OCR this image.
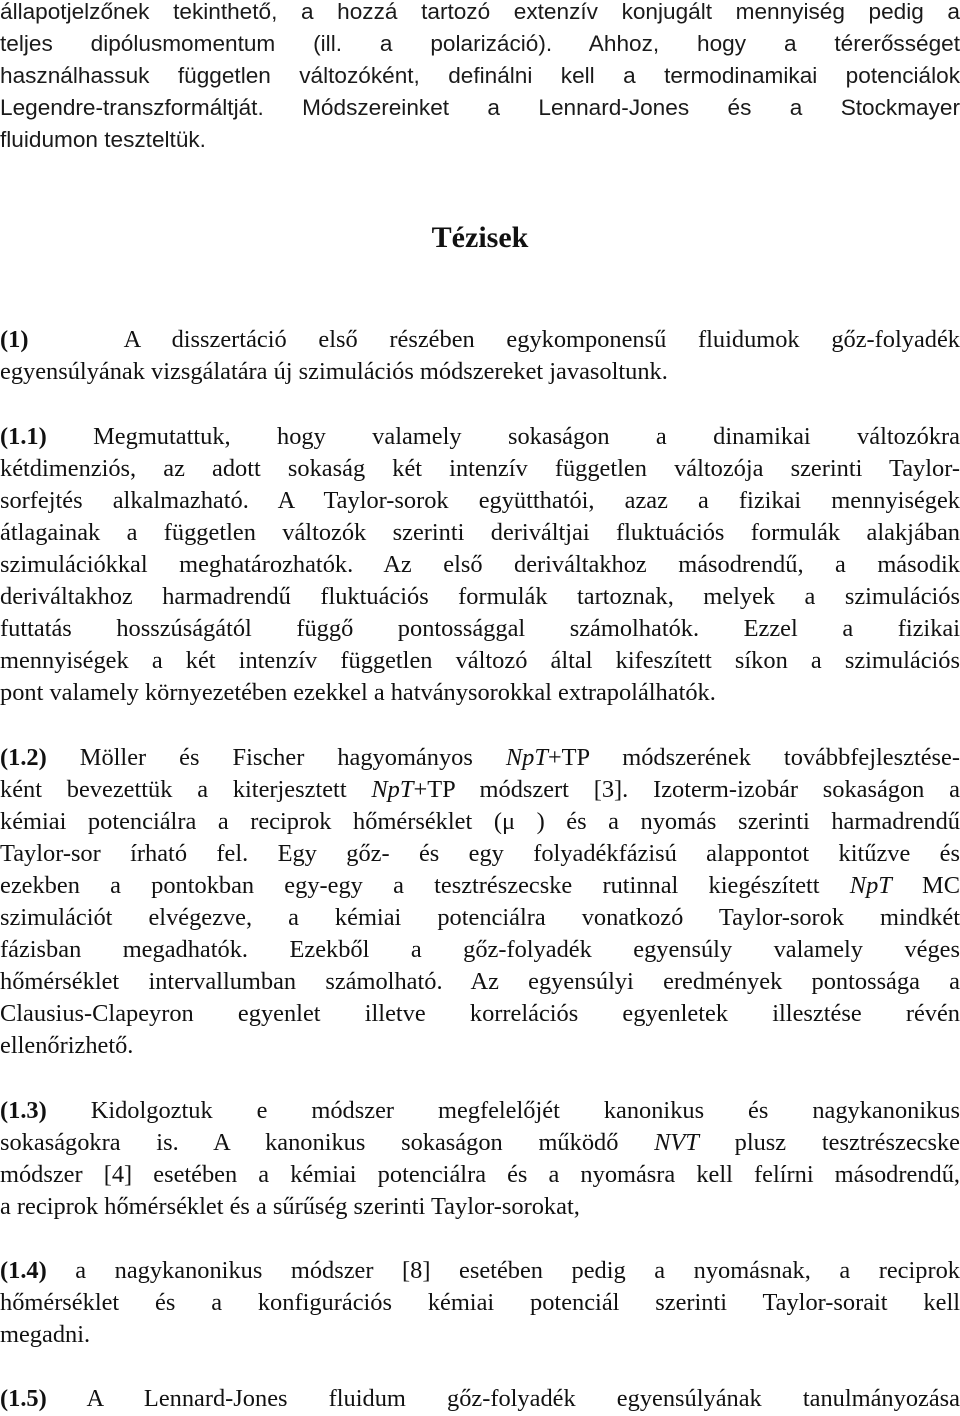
állapotjelzőnek tekinthető, a hozzá tartozó extenzív konjugált mennyiség pedig a
teljes dipólusmomentum (ill. a polarizáció). Ahhoz, hogy a térerősséget
használhassuk független változóként, definálni kell a termodinamikai potenciálok
Legendre-transzformáltját. Módszereinket a Lennard-Jones és a Stockmayer
fluidumon teszteltük.
Tézisek
(1)	A disszertáció első részében egykomponensű fluidumok gőz-folyadék
egyensúlyának vizsgálatára új szimulációs módszereket javasoltunk.
(1.1) Megmutattuk, hogy valamely sokaságon a dinamikai változókra
kétdimenziós, az adott sokaság két intenzív független változója szerinti Taylor-
sorfejtés alkalmazható. A Taylor-sorok együtthatói, azaz a fizikai mennyiségek
átlagainak a független változók szerinti deriváltjai fluktuációs formulák alakjában
szimulációkkal meghatározhatók. Az első deriváltakhoz másodrendű, a második
deriváltakhoz harmadrendű fluktuációs formulák tartoznak, melyek a szimulációs
futtatás hosszúságától függő pontossággal számolhatók. Ezzel a fizikai
mennyiségek a két intenzív független változó által kifeszített síkon a szimulációs
pont valamely környezetében ezekkel a hatványsorokkal extrapolálhatók.
(1.2) Möller és Fischer hagyományos NpT+TP módszerének továbbfejlesztése-
ként bevezettük a kiterjesztett NpT+TP módszert [3]. Izoterm-izobár sokaságon a
kémiai potenciálra a reciprok hőmérséklet (μ ) és a nyomás szerinti harmadrendű
Taylor-sor írható fel. Egy gőz- és egy folyadékfázisú alappontot kitűzve és
ezekben a pontokban egy-egy a tesztrészecske rutinnal kiegészített NpT MC
szimulációt elvégezve, a kémiai potenciálra vonatkozó Taylor-sorok mindkét
fázisban megadhatók. Ezekből a gőz-folyadék egyensúly valamely véges
hőmérséklet intervallumban számolható. Az egyensúlyi eredmények pontossága a
Clausius-Clapeyron egyenlet illetve korrelációs egyenletek illesztése révén
ellenőrizhető.
(1.3) Kidolgoztuk e módszer megfelelőjét kanonikus és nagykanonikus
sokaságokra is. A kanonikus sokaságon működő NVT plusz tesztrészecske
módszer [4] esetében a kémiai potenciálra és a nyomásra kell felírni másodrendű,
a reciprok hőmérséklet és a sűrűség szerinti Taylor-sorokat,
(1.4) a nagykanonikus módszer [8] esetében pedig a nyomásnak, a reciprok
hőmérséklet és a konfigurációs kémiai potenciál szerinti Taylor-sorait kell
megadni.
(1.5) A Lennard-Jones fluidum gőz-folyadék egyensúlyának tanulmányozása
